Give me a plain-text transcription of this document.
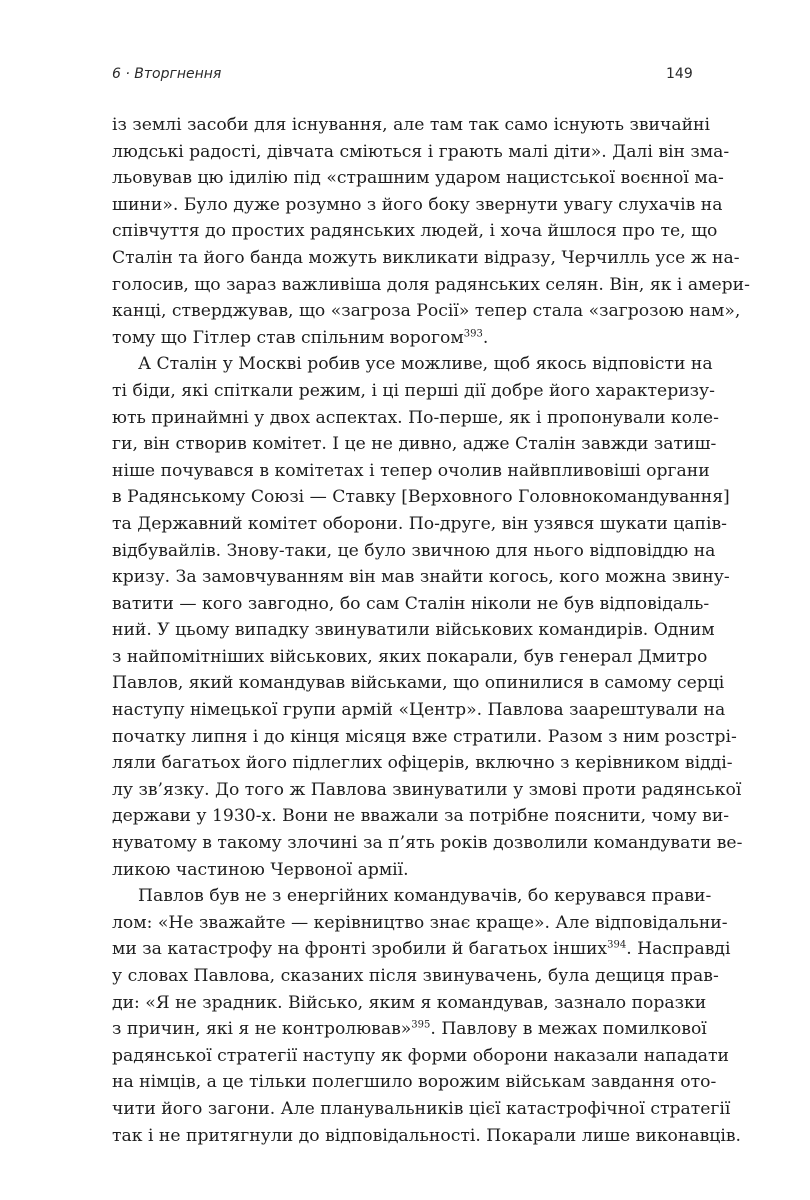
6 · Вторгнення	149
із землі засоби для існування, але там так само існують звичайні
людські радості, дівчата сміються і грають малі діти». Далі він зма-
льовував цю ідилію під «страшним ударом нацистської воєнної ма-
шини». Було дуже розумно з його боку звернути увагу слухачів на
співчуття до простих радянських людей, і хоча йшлося про те, що
Сталін та його банда можуть викликати відразу, Черчилль усе ж на-
голосив, що зараз важливіша доля радянських селян. Він, як і амери-
канці, стверджував, що «загроза Росії» тепер стала «загрозою нам»,
тому що Гітлер став спільним ворогом$^{393}$.
А Сталін у Москві робив усе можливе, щоб якось відповісти на
ті біди, які спіткали режим, і ці перші дії добре його характеризу-
ють принаймні у двох аспектах. По-перше, як і пропонували коле-
ги, він створив комітет. І це не дивно, адже Сталін завжди затиш-
ніше почувався в комітетах і тепер очолив найвпливовіші органи
в Радянському Союзі — Ставку [Верховного Головнокомандування]
та Державний комітет оборони. По-друге, він узявся шукати цапів-
відбувайлів. Знову-таки, це було звичною для нього відповіддю на
кризу. За замовчуванням він мав знайти когось, кого можна звину-
ватити — кого завгодно, бо сам Сталін ніколи не був відповідаль-
ний. У цьому випадку звинуватили військових командирів. Одним
з найпомітніших військових, яких покарали, був генерал Дмитро
Павлов, який командував військами, що опинилися в самому серці
наступу німецької групи армій «Центр». Павлова заарештували на
початку липня і до кінця місяця вже стратили. Разом з ним розстрі-
ляли багатьох його підлеглих офіцерів, включно з керівником відді-
лу зв’язку. До того ж Павлова звинуватили у змові проти радянської
держави у 1930-х. Вони не вважали за потрібне пояснити, чому ви-
нуватому в такому злочині за п’ять років дозволили командувати ве-
ликою частиною Червоної армії.
Павлов був не з енергійних командувачів, бо керувався прави-
лом: «Не зважайте — керівництво знає краще». Але відповідальни-
ми за катастрофу на фронті зробили й багатьох інших$^{394}$. Насправді
у словах Павлова, сказаних після звинувачень, була дещиця прав-
ди: «Я не зрадник. Військо, яким я командував, зазнало поразки
з причин, які я не контролював»$^{395}$. Павлову в межах помилкової
радянської стратегії наступу як форми оборони наказали нападати
на німців, а це тільки полегшило ворожим військам завдання ото-
чити його загони. Але планувальників цієї катастрофічної стратегії
так і не притягнули до відповідальності. Покарали лише виконавців.
